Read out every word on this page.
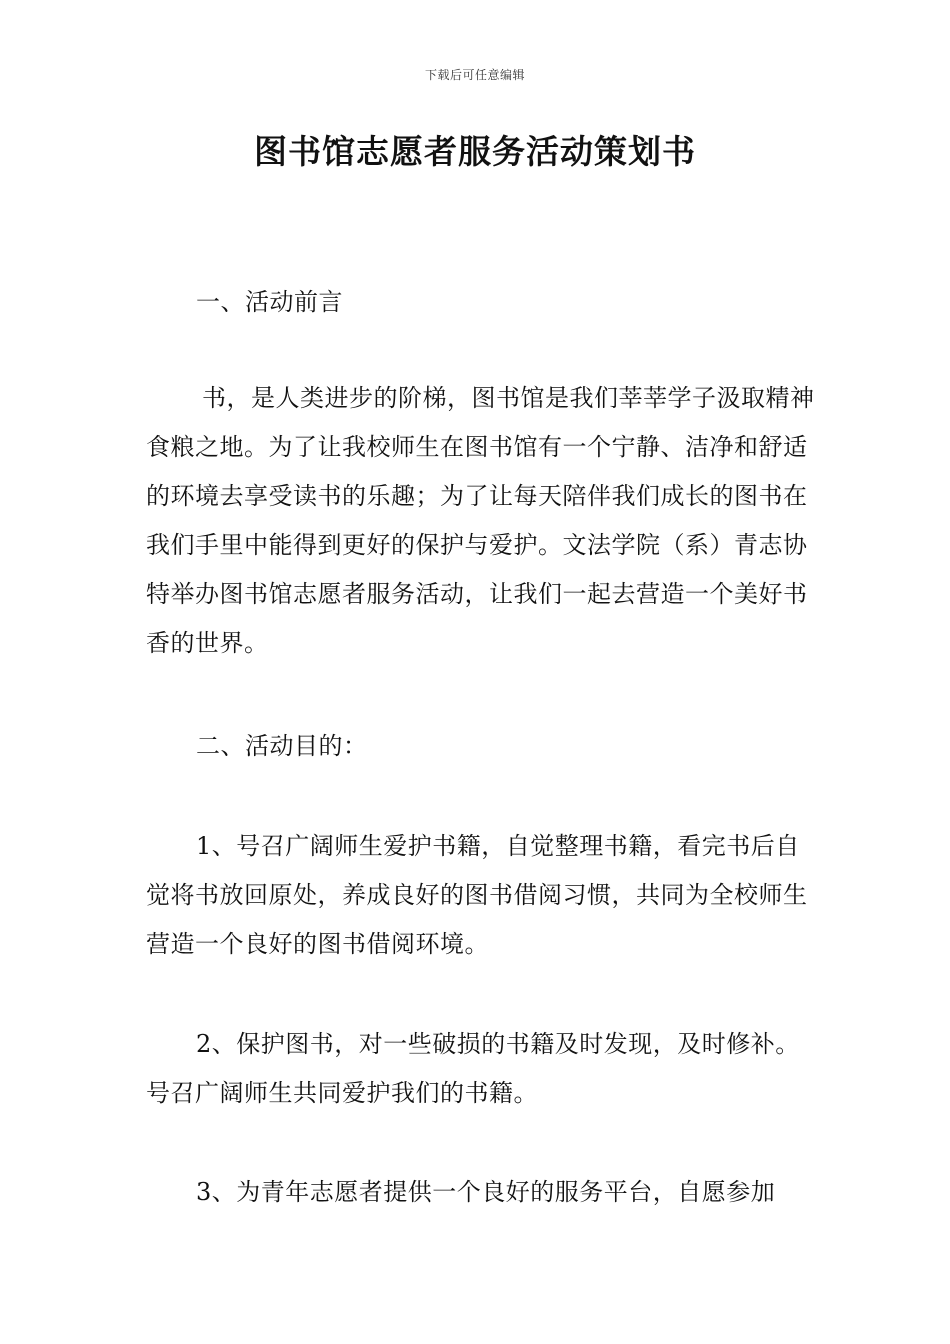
下载后可任意编辑
图书馆志愿者服务活动策划书

一、活动前言

书，是人类进步的阶梯，图书馆是我们莘莘学子汲取精神食粮之地。为了让我校师生在图书馆有一个宁静、洁净和舒适的环境去享受读书的乐趣；为了让每天陪伴我们成长的图书在我们手里中能得到更好的保护与爱护。文法学院（系）青志协特举办图书馆志愿者服务活动，让我们一起去营造一个美好书香的世界。

二、活动目的：

1、号召广阔师生爱护书籍，自觉整理书籍，看完书后自觉将书放回原处，养成良好的图书借阅习惯，共同为全校师生营造一个良好的图书借阅环境。

2、保护图书，对一些破损的书籍及时发现，及时修补。号召广阔师生共同爱护我们的书籍。

3、为青年志愿者提供一个良好的服务平台，自愿参加
